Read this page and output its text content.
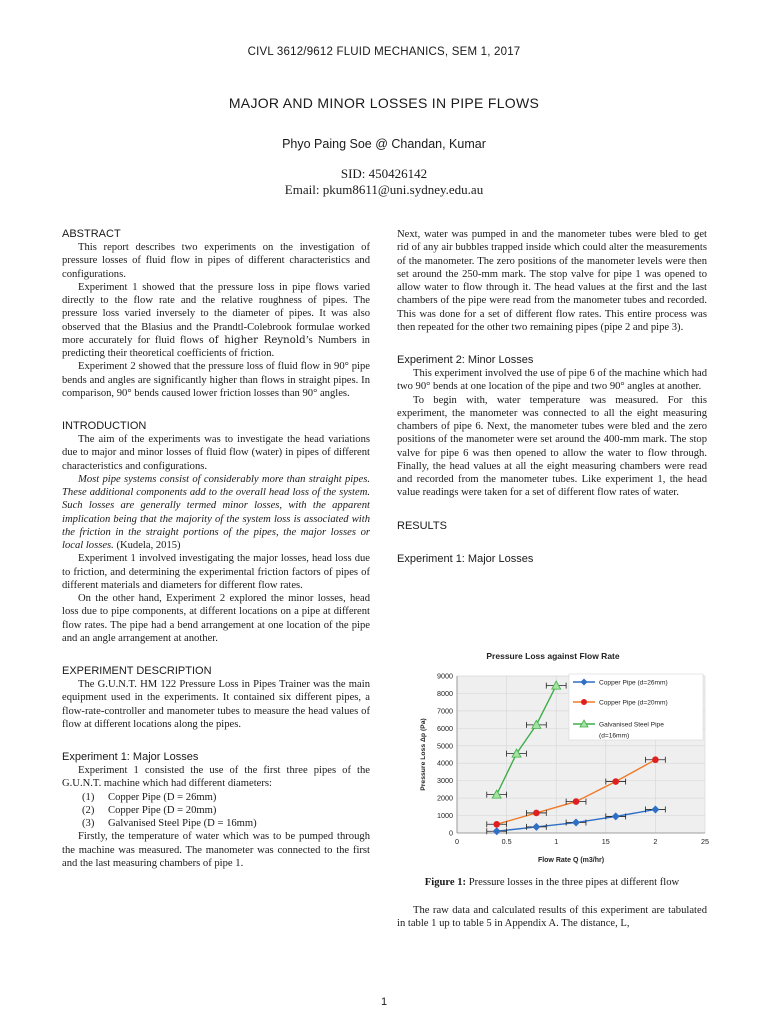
CIVL 3612/9612 FLUID MECHANICS, SEM 1, 2017
MAJOR AND MINOR LOSSES IN PIPE FLOWS
Phyo Paing Soe @ Chandan, Kumar
SID: 450426142
Email: pkum8611@uni.sydney.edu.au
ABSTRACT

This report describes two experiments on the investigation of pressure losses of fluid flow in pipes of different characteristics and configurations.

Experiment 1 showed that the pressure loss in pipe flows varied directly to the flow rate and the relative roughness of pipes. The pressure loss varied inversely to the diameter of pipes. It was also observed that the Blasius and the Prandtl-Colebrook formulae worked more accurately for fluid flows of higher Reynold’s Numbers in predicting their theoretical coefficients of friction.

Experiment 2 showed that the pressure loss of fluid flow in 90° pipe bends and angles are significantly higher than flows in straight pipes. In comparison, 90° bends caused lower friction losses than 90° angles.

INTRODUCTION

The aim of the experiments was to investigate the head variations due to major and minor losses of fluid flow (water) in pipes of different characteristics and configurations.

Most pipe systems consist of considerably more than straight pipes. These additional components add to the overall head loss of the system. Such losses are generally termed minor losses, with the apparent implication being that the majority of the system loss is associated with the friction in the straight portions of the pipes, the major losses or local losses. (Kudela, 2015)

Experiment 1 involved investigating the major losses, head loss due to friction, and determining the experimental friction factors of pipes of different materials and diameters for different flow rates.

On the other hand, Experiment 2 explored the minor losses, head loss due to pipe components, at different locations on a pipe at different flow rates. The pipe had a bend arrangement at one location of the pipe and an angle arrangement at another.

EXPERIMENT DESCRIPTION

The G.U.N.T. HM 122 Pressure Loss in Pipes Trainer was the main equipment used in the experiments. It contained six different pipes, a flow-rate-controller and manometer tubes to measure the head values of flow at different locations along the pipes.

Experiment 1: Major Losses

Experiment 1 consisted the use of the first three pipes of the G.U.N.T. machine which had different diameters:

(1) Copper Pipe (D = 26mm)
(2) Copper Pipe (D = 20mm)
(3) Galvanised Steel Pipe (D = 16mm)

Firstly, the temperature of water which was to be pumped through the machine was measured. The manometer was connected to the first and the last measuring chambers of pipe 1.

Next, water was pumped in and the manometer tubes were bled to get rid of any air bubbles trapped inside which could alter the measurements of the manometer. The zero positions of the manometer levels were then set around the 250-mm mark. The stop valve for pipe 1 was opened to allow water to flow through it. The head values at the first and the last chambers of the pipe were read from the manometer tubes and recorded. This was done for a set of different flow rates. This entire process was then repeated for the other two remaining pipes (pipe 2 and pipe 3).

Experiment 2: Minor Losses

This experiment involved the use of pipe 6 of the machine which had two 90° bends at one location of the pipe and two 90° angles at another.

To begin with, water temperature was measured. For this experiment, the manometer was connected to all the eight measuring chambers of pipe 6. Next, the manometer tubes were bled and the zero positions of the manometer were set around the 400-mm mark. The stop valve for pipe 6 was then opened to allow the water to flow through. Finally, the head values at all the eight measuring chambers were read and recorded from the manometer tubes. Like experiment 1, the head value readings were taken for a set of different flow rates of water.

RESULTS
Experiment 1: Major Losses
Pressure Loss against Flow Rate
0
1000
2000
3000
4000
5000
6000
7000
8000
9000
0	0.5	1	15	2	25
Flow Rate Q (m3/hr)
Pressure Loss Δp (Pa)
Copper Pipe (d=26mm)
Copper Pipe (d=20mm)
Galvanised Steel Pipe (d=16mm)
Figure 1: Pressure losses in the three pipes at different flow

The raw data and calculated results of this experiment are tabulated in table 1 up to table 5 in Appendix A. The distance, L,

1
